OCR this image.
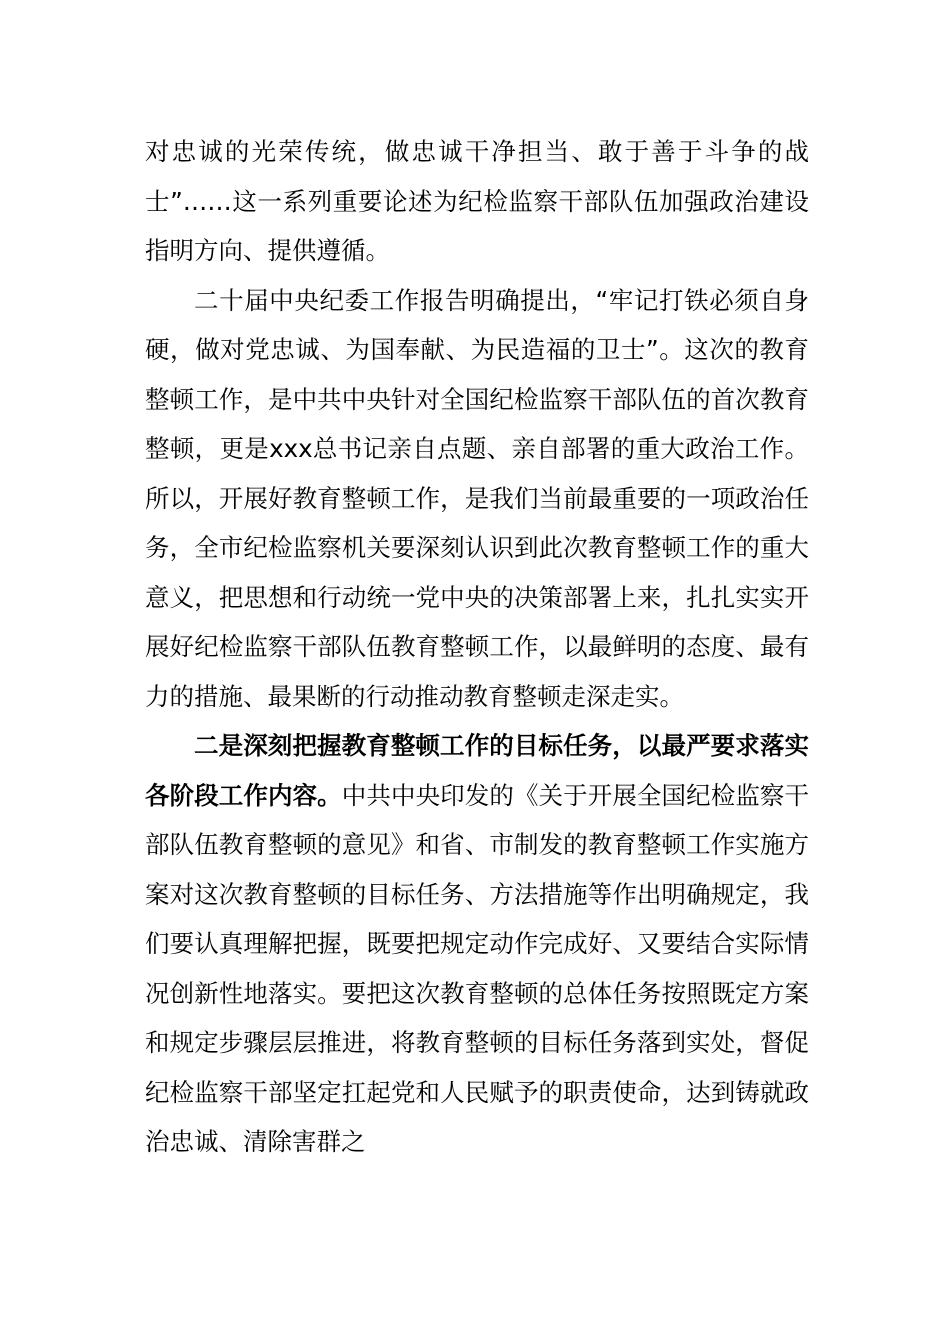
对忠诚的光荣传统，做忠诚干净担当、敢于善于斗争的战士”……这一系列重要论述为纪检监察干部队伍加强政治建设指明方向、提供遵循。

二十届中央纪委工作报告明确提出，“牢记打铁必须自身硬，做对党忠诚、为国奉献、为民造福的卫士”。这次的教育整顿工作，是中共中央针对全国纪检监察干部队伍的首次教育整顿，更是xxx总书记亲自点题、亲自部署的重大政治工作。所以，开展好教育整顿工作，是我们当前最重要的一项政治任务，全市纪检监察机关要深刻认识到此次教育整顿工作的重大意义，把思想和行动统一党中央的决策部署上来，扎扎实实开展好纪检监察干部队伍教育整顿工作，以最鲜明的态度、最有力的措施、最果断的行动推动教育整顿走深走实。

二是深刻把握教育整顿工作的目标任务，以最严要求落实各阶段工作内容。中共中央印发的《关于开展全国纪检监察干部队伍教育整顿的意见》和省、市制发的教育整顿工作实施方案对这次教育整顿的目标任务、方法措施等作出明确规定，我们要认真理解把握，既要把规定动作完成好、又要结合实际情况创新性地落实。要把这次教育整顿的总体任务按照既定方案和规定步骤层层推进，将教育整顿的目标任务落到实处，督促纪检监察干部坚定扛起党和人民赋予的职责使命，达到铸就政治忠诚、清除害群之
